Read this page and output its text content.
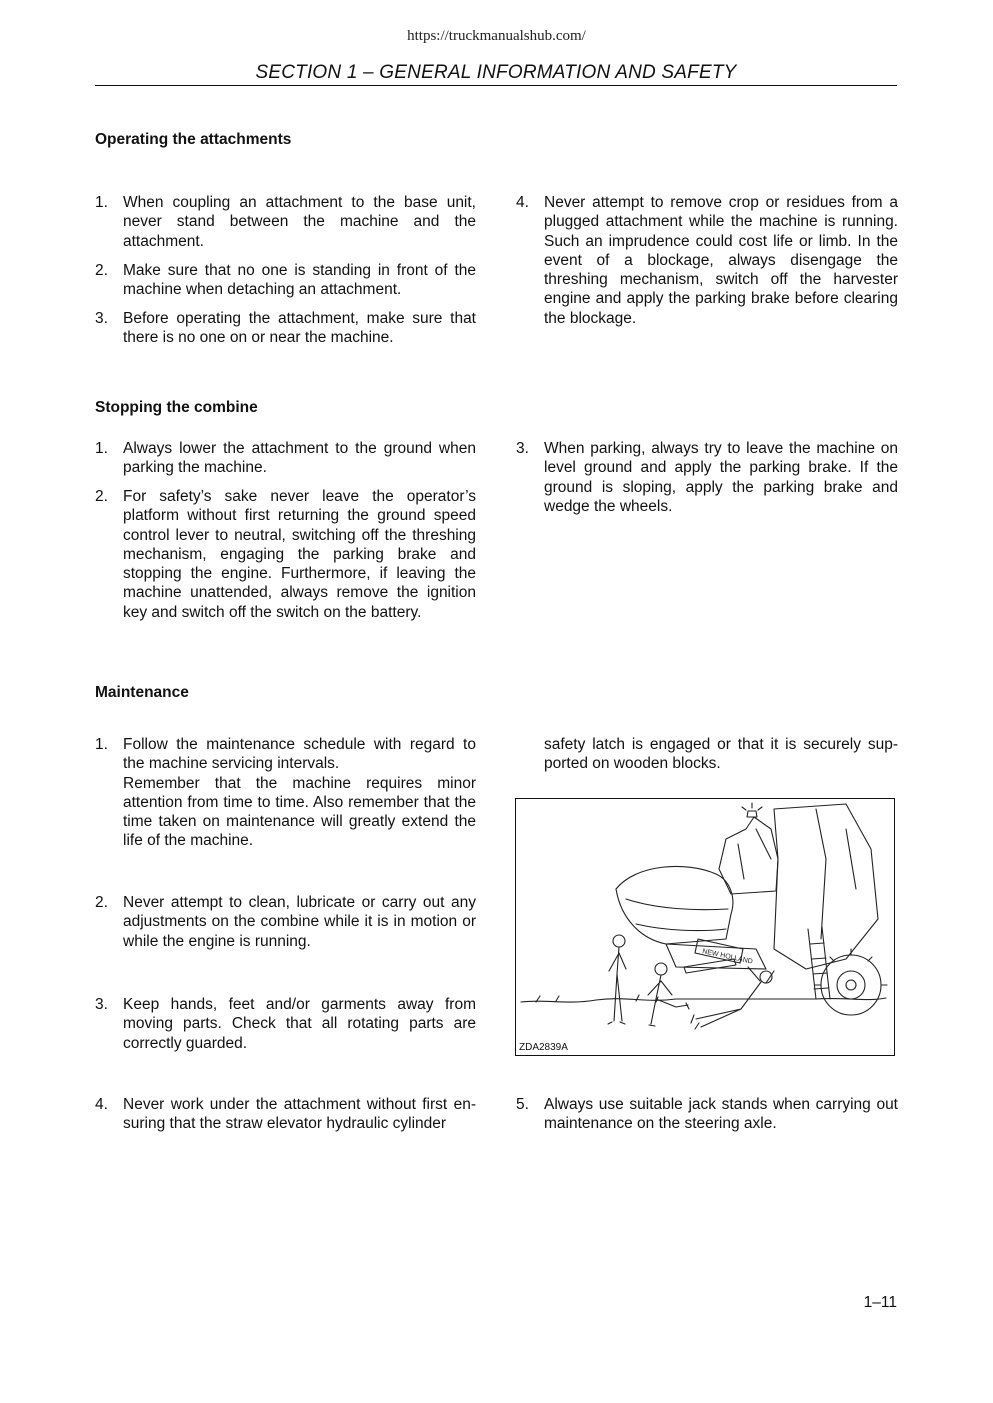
https://truckmanualshub.com/
SECTION 1 – GENERAL INFORMATION AND SAFETY
Operating the attachments
1. When coupling an attachment to the base unit, never stand between the machine and the attachment.
2. Make sure that no one is standing in front of the machine when detaching an attachment.
3. Before operating the attachment, make sure that there is no one on or near the machine.
4. Never attempt to remove crop or residues from a plugged attachment while the machine is running. Such an imprudence could cost life or limb. In the event of a blockage, always disengage the threshing mechanism, switch off the harvester engine and apply the parking brake before clearing the blockage.
Stopping the combine
1. Always lower the attachment to the ground when parking the machine.
2. For safety’s sake never leave the operator’s platform without first returning the ground speed control lever to neutral, switching off the threshing mechanism, engaging the parking brake and stopping the engine. Furthermore, if leaving the machine unattended, always remove the ignition key and switch off the switch on the battery.
3. When parking, always try to leave the machine on level ground and apply the parking brake. If the ground is sloping, apply the parking brake and wedge the wheels.
Maintenance
1. Follow the maintenance schedule with regard to the machine servicing intervals.
Remember that the machine requires minor attention from time to time. Also remember that the time taken on maintenance will greatly extend the life of the machine.
2. Never attempt to clean, lubricate or carry out any adjustments on the combine while it is in motion or while the engine is running.
3. Keep hands, feet and/or garments away from moving parts. Check that all rotating parts are correctly guarded.
4. Never work under the attachment without first en-suring that the straw elevator hydraulic cylinder
safety latch is engaged or that it is securely sup-ported on wooden blocks.
NEW HOLLAND
ZDA2839A
5. Always use suitable jack stands when carrying out maintenance on the steering axle.
1–11
